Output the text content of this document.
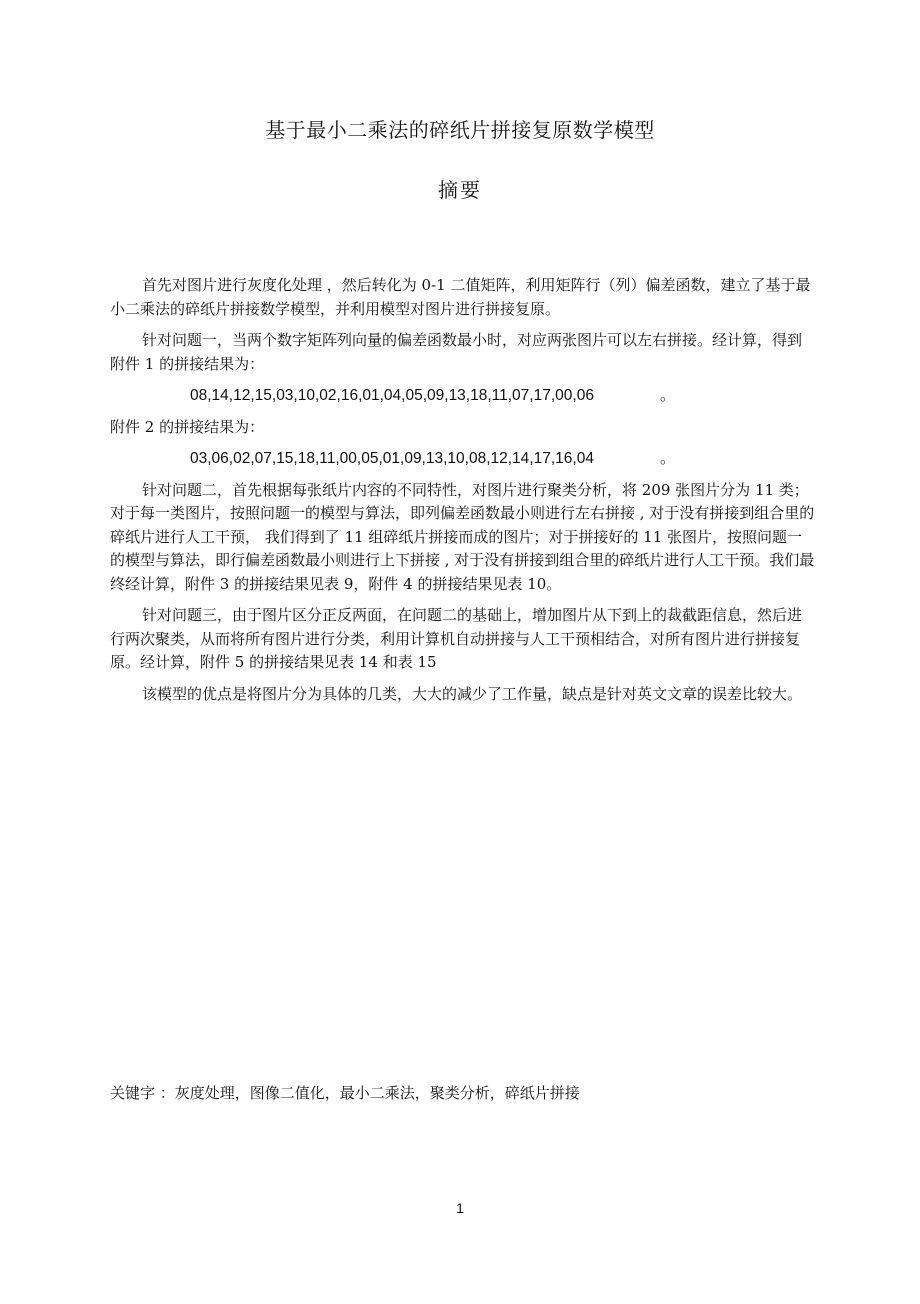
基于最小二乘法的碎纸片拼接复原数学模型
摘要

首先对图片进行灰度化处理 ，然后转化为 0-1 二值矩阵，利用矩阵行（列）偏差函数，建立了基于最小二乘法的碎纸片拼接数学模型，并利用模型对图片进行拼接复原。

针对问题一，当两个数字矩阵列向量的偏差函数最小时，对应两张图片可以左右拼接。经计算，得到附件 1 的拼接结果为：

08,14,12,15,03,10,02,16,01,04,05,09,13,18,11,07,17,00,06	。

附件 2 的拼接结果为：

03,06,02,07,15,18,11,00,05,01,09,13,10,08,12,14,17,16,04	。

针对问题二，首先根据每张纸片内容的不同特性，对图片进行聚类分析，将 209 张图片分为 11 类；对于每一类图片，按照问题一的模型与算法，即列偏差函数最小则进行左右拼接 , 对于没有拼接到组合里的碎纸片进行人工干预， 我们得到了 11 组碎纸片拼接而成的图片；对于拼接好的 11 张图片，按照问题一的模型与算法，即行偏差函数最小则进行上下拼接 , 对于没有拼接到组合里的碎纸片进行人工干预。我们最终经计算，附件 3 的拼接结果见表 9，附件 4 的拼接结果见表 10。

针对问题三，由于图片区分正反两面，在问题二的基础上，增加图片从下到上的裁截距信息，然后进行两次聚类，从而将所有图片进行分类，利用计算机自动拼接与人工干预相结合，对所有图片进行拼接复原。经计算，附件 5 的拼接结果见表 14 和表 15

该模型的优点是将图片分为具体的几类，大大的减少了工作量，缺点是针对英文文章的误差比较大。

关键字 ：灰度处理，图像二值化，最小二乘法，聚类分析，碎纸片拼接
1
